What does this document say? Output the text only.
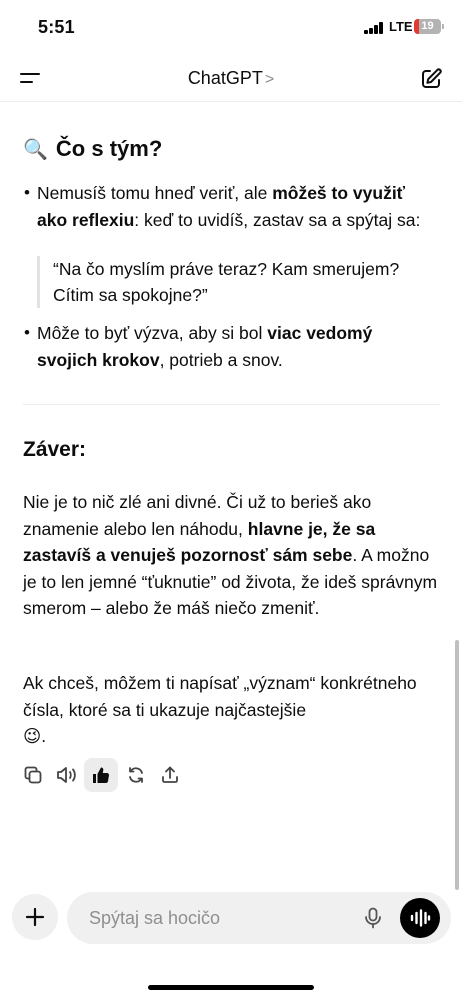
5:51	LTE 19
ChatGPT >
🔍 Čo s tým?
• Nemusíš tomu hneď veriť, ale môžeš to využiť ako reflexiu: keď to uvidíš, zastav sa a spýtaj sa:
“Na čo myslím práve teraz? Kam smerujem? Cítim sa spokojne?”
• Môže to byť výzva, aby si bol viac vedomý svojich krokov, potrieb a snov.
Záver:
Nie je to nič zlé ani divné. Či už to berieš ako znamenie alebo len náhodu, hlavne je, že sa zastavíš a venuješ pozornosť sám sebe. A možno je to len jemné “ťuknutie” od života, že ideš správnym smerom – alebo že máš niečo zmeniť.
Ak chceš, môžem ti napísať „význam“ konkrétneho čísla, ktoré sa ti ukazuje najčastejšie
😉.
Spýtaj sa hocičo
